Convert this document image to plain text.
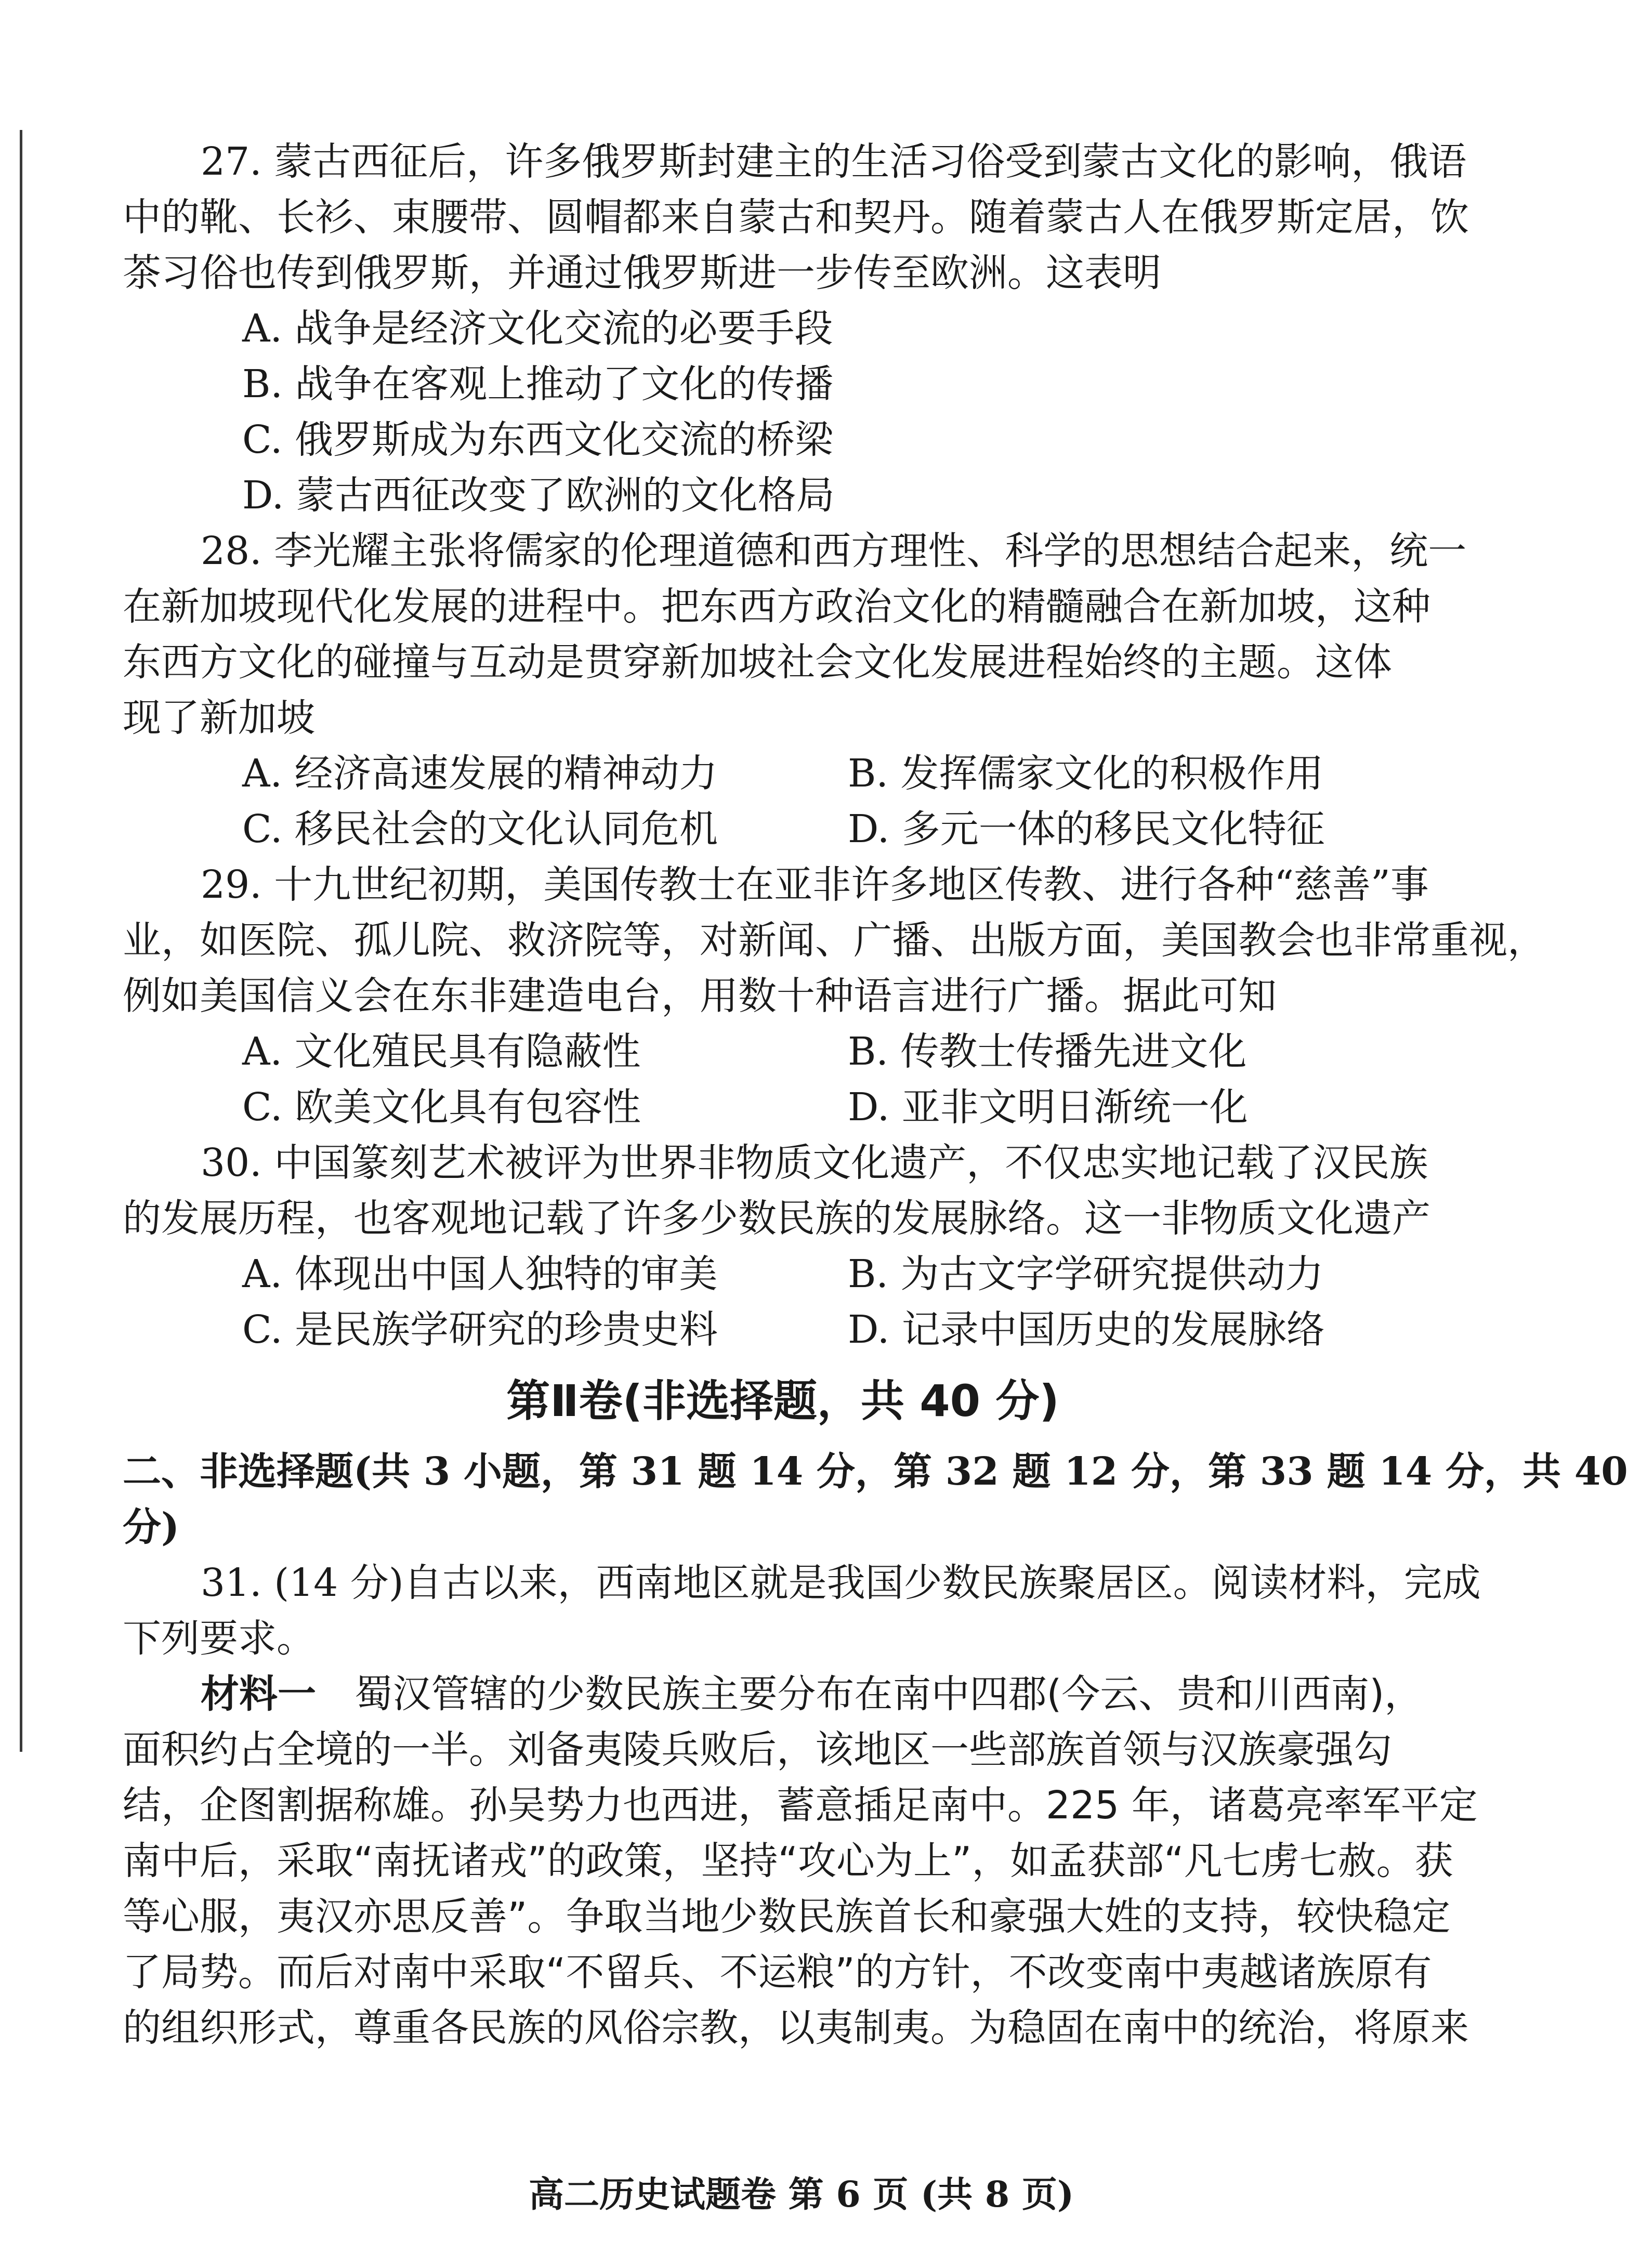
27. 蒙古西征后，许多俄罗斯封建主的生活习俗受到蒙古文化的影响，俄语
中的靴、长衫、束腰带、圆帽都来自蒙古和契丹。随着蒙古人在俄罗斯定居，饮
茶习俗也传到俄罗斯，并通过俄罗斯进一步传至欧洲。这表明
A. 战争是经济文化交流的必要手段
B. 战争在客观上推动了文化的传播
C. 俄罗斯成为东西文化交流的桥梁
D. 蒙古西征改变了欧洲的文化格局
28. 李光耀主张将儒家的伦理道德和西方理性、科学的思想结合起来，统一
在新加坡现代化发展的进程中。把东西方政治文化的精髓融合在新加坡，这种
东西方文化的碰撞与互动是贯穿新加坡社会文化发展进程始终的主题。这体
现了新加坡
A. 经济高速发展的精神动力	B. 发挥儒家文化的积极作用
C. 移民社会的文化认同危机	D. 多元一体的移民文化特征
29. 十九世纪初期，美国传教士在亚非许多地区传教、进行各种“慈善”事
业，如医院、孤儿院、救济院等，对新闻、广播、出版方面，美国教会也非常重视，
例如美国信义会在东非建造电台，用数十种语言进行广播。据此可知
A. 文化殖民具有隐蔽性	B. 传教士传播先进文化
C. 欧美文化具有包容性	D. 亚非文明日渐统一化
30. 中国篆刻艺术被评为世界非物质文化遗产，不仅忠实地记载了汉民族
的发展历程，也客观地记载了许多少数民族的发展脉络。这一非物质文化遗产
A. 体现出中国人独特的审美	B. 为古文字学研究提供动力
C. 是民族学研究的珍贵史料	D. 记录中国历史的发展脉络
第Ⅱ卷(非选择题，共 40 分)
二、非选择题(共 3 小题，第 31 题 14 分，第 32 题 12 分，第 33 题 14 分，共 40
分)
31. (14 分)自古以来，西南地区就是我国少数民族聚居区。阅读材料，完成
下列要求。
材料一 蜀汉管辖的少数民族主要分布在南中四郡(今云、贵和川西南)，
面积约占全境的一半。刘备夷陵兵败后，该地区一些部族首领与汉族豪强勾
结，企图割据称雄。孙吴势力也西进，蓄意插足南中。225 年，诸葛亮率军平定
南中后，采取“南抚诸戎”的政策，坚持“攻心为上”，如孟获部“凡七虏七赦。获
等心服，夷汉亦思反善”。争取当地少数民族首长和豪强大姓的支持，较快稳定
了局势。而后对南中采取“不留兵、不运粮”的方针，不改变南中夷越诸族原有
的组织形式，尊重各民族的风俗宗教，以夷制夷。为稳固在南中的统治，将原来
高二历史试题卷 第 6 页 (共 8 页)
